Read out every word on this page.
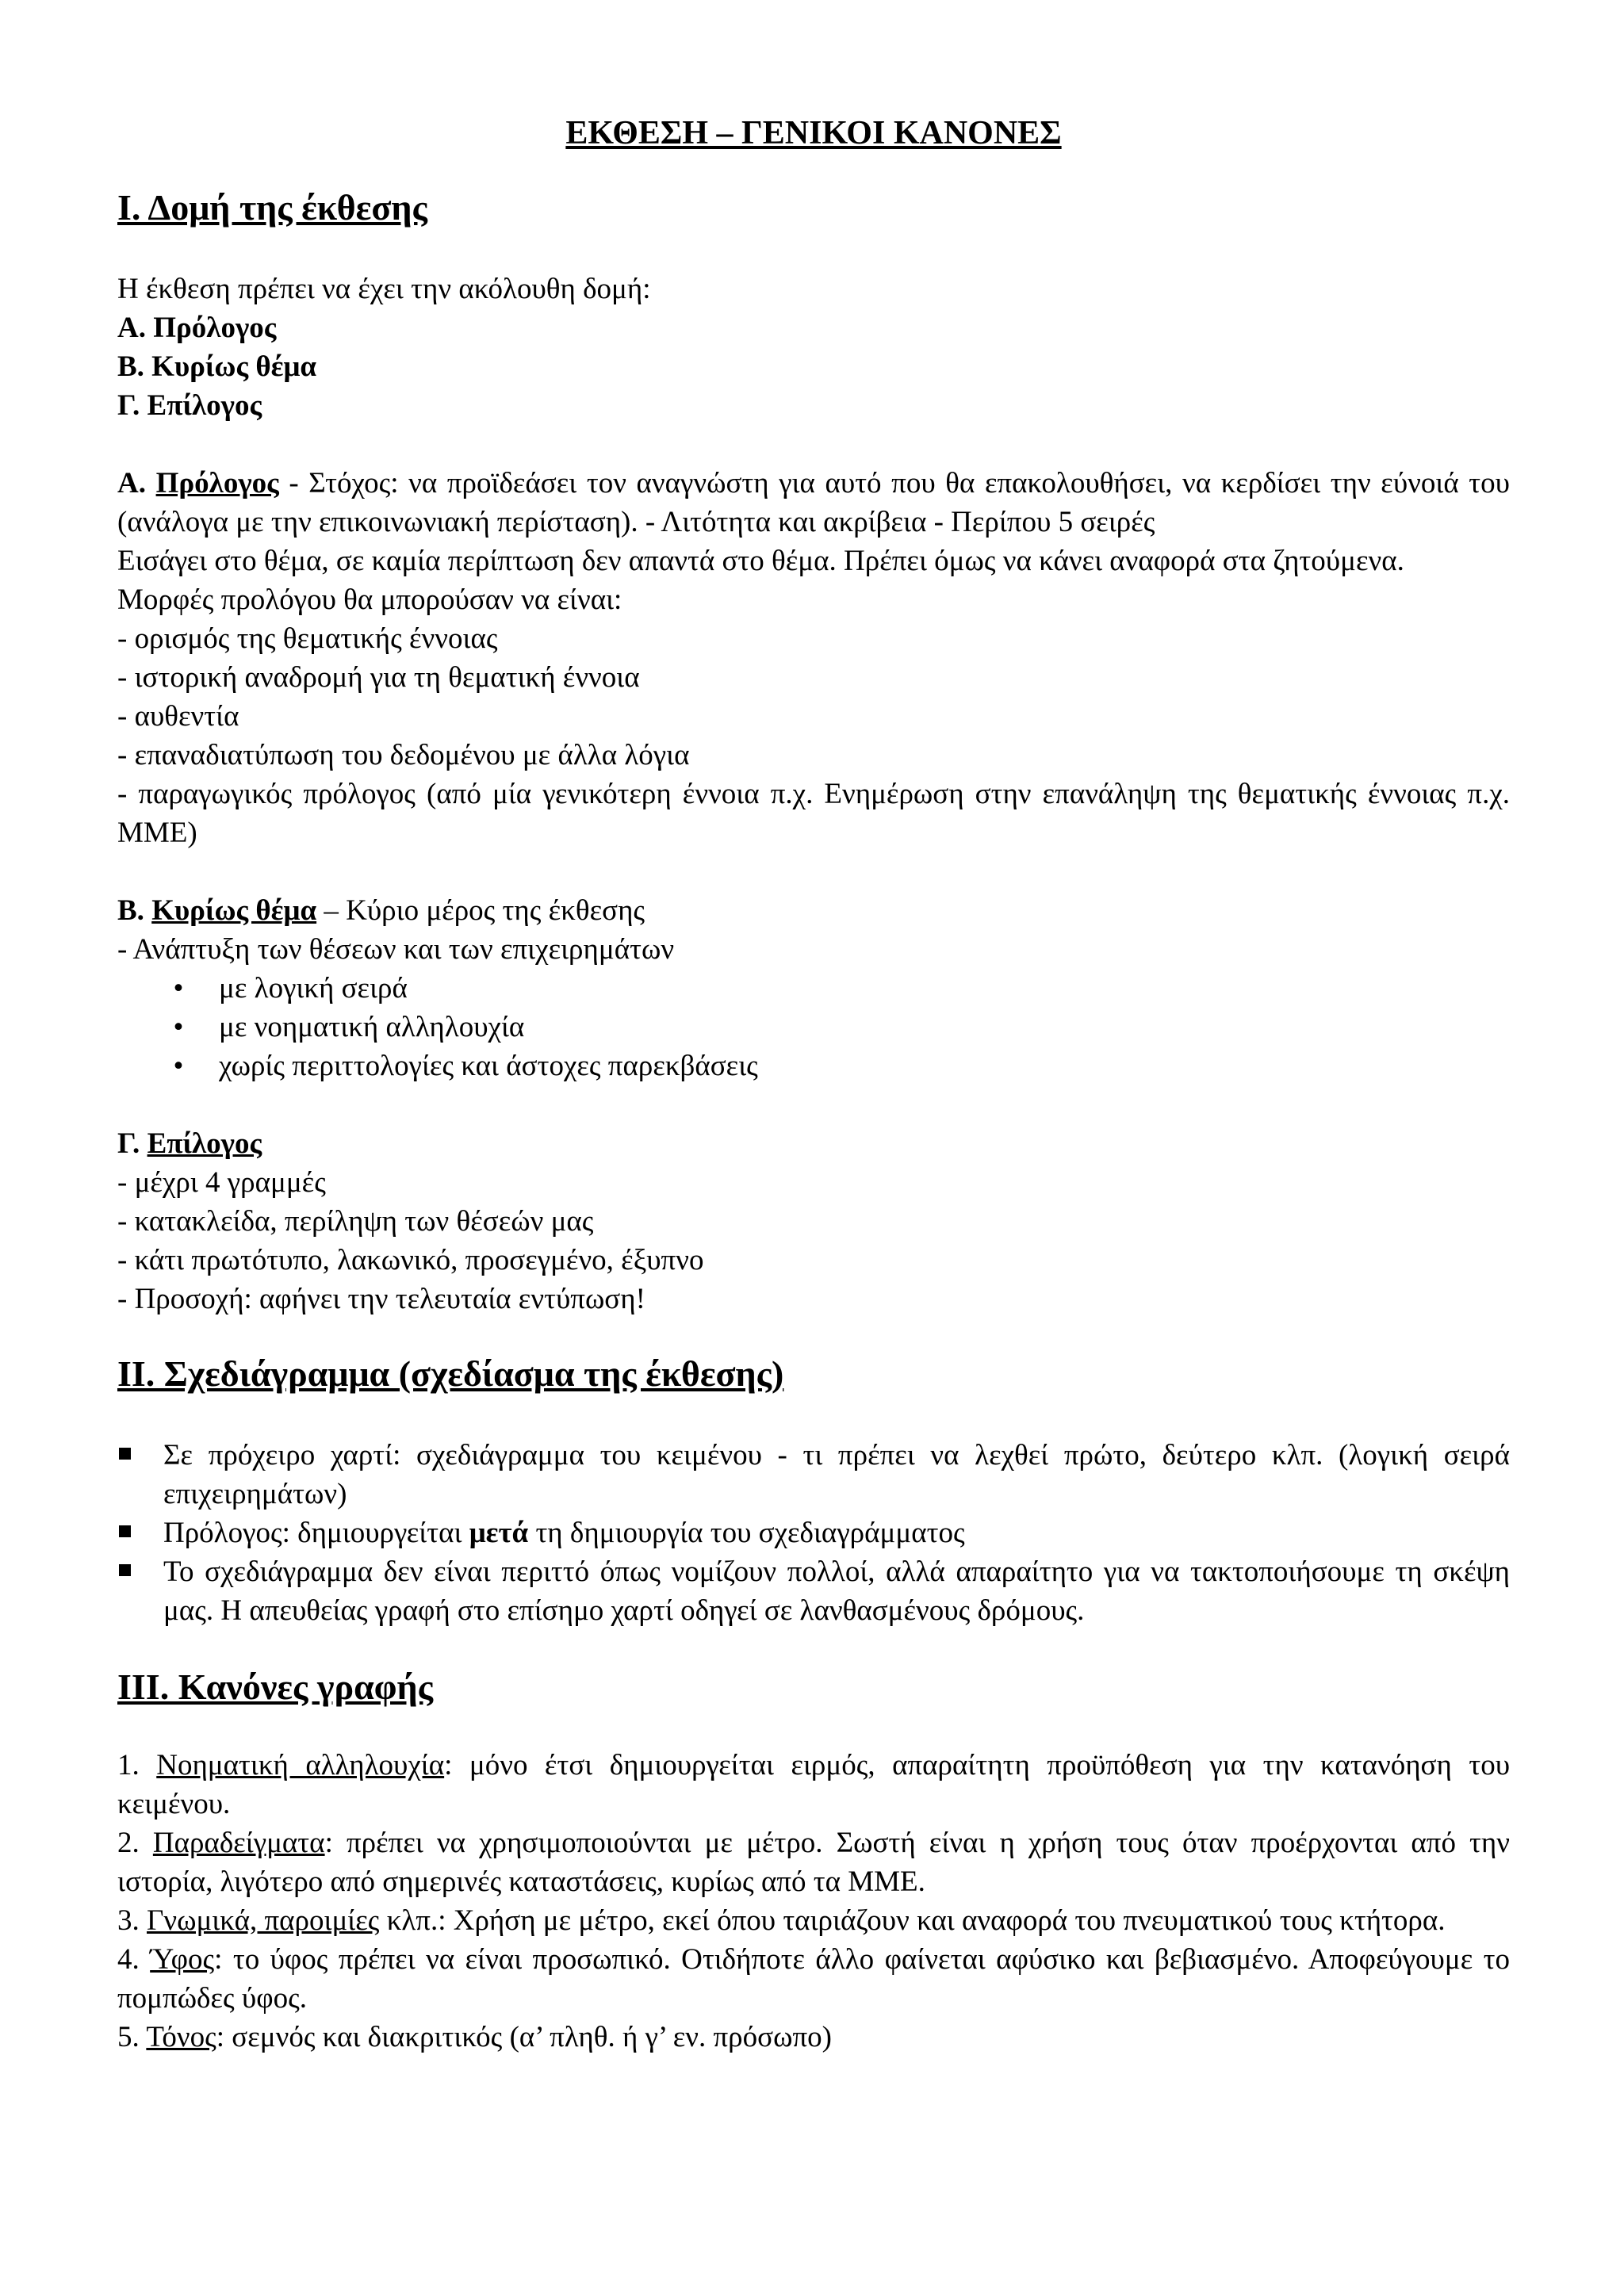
ΕΚΘΕΣΗ – ΓΕΝΙΚΟΙ ΚΑΝΟΝΕΣ
Ι. Δομή της έκθεσης

Η έκθεση πρέπει να έχει την ακόλουθη δομή:

Α. Πρόλογος

Β. Κυρίως θέμα

Γ. Επίλογος

Α. Πρόλογος - Στόχος: να προϊδεάσει τον αναγνώστη για αυτό που θα επακολουθήσει, να κερδίσει την εύνοιά του (ανάλογα με την επικοινωνιακή περίσταση). - Λιτότητα και ακρίβεια - Περίπου 5 σειρές

Εισάγει στο θέμα, σε καμία περίπτωση δεν απαντά στο θέμα. Πρέπει όμως να κάνει αναφορά στα ζητούμενα.

Μορφές προλόγου θα μπορούσαν να είναι:

- ορισμός της θεματικής έννοιας

- ιστορική αναδρομή για τη θεματική έννοια

- αυθεντία

- επαναδιατύπωση του δεδομένου με άλλα λόγια

- παραγωγικός πρόλογος (από μία γενικότερη έννοια π.χ. Ενημέρωση στην επανάληψη της θεματικής έννοιας π.χ. ΜΜΕ)

Β. Κυρίως θέμα – Κύριο μέρος της έκθεσης

- Ανάπτυξη των θέσεων και των επιχειρημάτων

• με λογική σειρά
• με νοηματική αλληλουχία
• χωρίς περιττολογίες και άστοχες παρεκβάσεις

Γ. Επίλογος

- μέχρι 4 γραμμές

- κατακλείδα, περίληψη των θέσεών μας

- κάτι πρωτότυπο, λακωνικό, προσεγμένο, έξυπνο

- Προσοχή: αφήνει την τελευταία εντύπωση!

ΙΙ. Σχεδιάγραμμα (σχεδίασμα της έκθεσης)
Σε πρόχειρο χαρτί: σχεδιάγραμμα του κειμένου - τι πρέπει να λεχθεί πρώτο, δεύτερο κλπ. (λογική σειρά επιχειρημάτων)
Πρόλογος: δημιουργείται μετά τη δημιουργία του σχεδιαγράμματος
Το σχεδιάγραμμα δεν είναι περιττό όπως νομίζουν πολλοί, αλλά απαραίτητο για να τακτοποιήσουμε τη σκέψη μας. Η απευθείας γραφή στο επίσημο χαρτί οδηγεί σε λανθασμένους δρόμους.
ΙΙΙ. Κανόνες γραφής

1. Νοηματική αλληλουχία: μόνο έτσι δημιουργείται ειρμός, απαραίτητη προϋπόθεση για την κατανόηση του κειμένου.

2. Παραδείγματα: πρέπει να χρησιμοποιούνται με μέτρο. Σωστή είναι η χρήση τους όταν προέρχονται από την ιστορία, λιγότερο από σημερινές καταστάσεις, κυρίως από τα ΜΜΕ.

3. Γνωμικά, παροιμίες κλπ.: Χρήση με μέτρο, εκεί όπου ταιριάζουν και αναφορά του πνευματικού τους κτήτορα.

4. Ύφος: το ύφος πρέπει να είναι προσωπικό. Οτιδήποτε άλλο φαίνεται αφύσικο και βεβιασμένο. Αποφεύγουμε το πομπώδες ύφος.

5. Τόνος: σεμνός και διακριτικός (α’ πληθ. ή γ’ εν. πρόσωπο)
